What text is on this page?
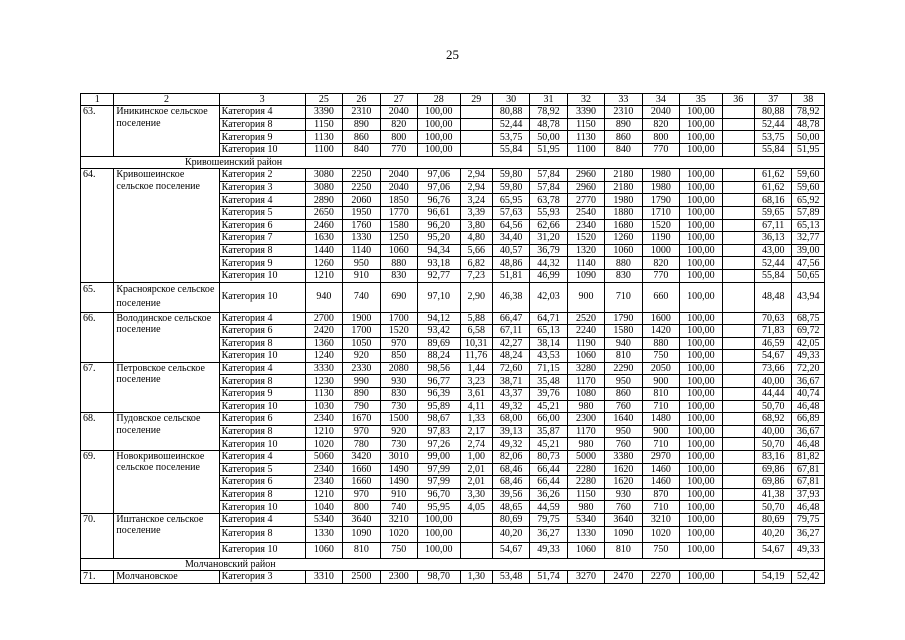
25
1	2	3	25	26	27	28	29	30	31	32	33	34	35	36	37	38
63.	Иникинское сельское поселение	Категория 4	3390	2310	2040	100,00		80,88	78,92	3390	2310	2040	100,00		80,88	78,92
		Категория 8	1150	890	820	100,00		52,44	48,78	1150	890	820	100,00		52,44	48,78
		Категория 9	1130	860	800	100,00		53,75	50,00	1130	860	800	100,00		53,75	50,00
		Категория 10	1100	840	770	100,00		55,84	51,95	1100	840	770	100,00		55,84	51,95
Кривошеинский район																
64.	Кривошеинское сельское поселение	Категория 2	3080	2250	2040	97,06	2,94	59,80	57,84	2960	2180	1980	100,00		61,62	59,60
		Категория 3	3080	2250	2040	97,06	2,94	59,80	57,84	2960	2180	1980	100,00		61,62	59,60
		Категория 4	2890	2060	1850	96,76	3,24	65,95	63,78	2770	1980	1790	100,00		68,16	65,92
		Категория 5	2650	1950	1770	96,61	3,39	57,63	55,93	2540	1880	1710	100,00		59,65	57,89
		Категория 6	2460	1760	1580	96,20	3,80	64,56	62,66	2340	1680	1520	100,00		67,11	65,13
		Категория 7	1630	1330	1250	95,20	4,80	34,40	31,20	1520	1260	1190	100,00		36,13	32,77
		Категория 8	1440	1140	1060	94,34	5,66	40,57	36,79	1320	1060	1000	100,00		43,00	39,00
		Категория 9	1260	950	880	93,18	6,82	48,86	44,32	1140	880	820	100,00		52,44	47,56
		Категория 10	1210	910	830	92,77	7,23	51,81	46,99	1090	830	770	100,00		55,84	50,65
65.	Красноярское сельское поселение	Категория 10	940	740	690	97,10	2,90	46,38	42,03	900	710	660	100,00		48,48	43,94
66.	Володинское сельское поселение	Категория 4	2700	1900	1700	94,12	5,88	66,47	64,71	2520	1790	1600	100,00		70,63	68,75
		Категория 6	2420	1700	1520	93,42	6,58	67,11	65,13	2240	1580	1420	100,00		71,83	69,72
		Категория 8	1360	1050	970	89,69	10,31	42,27	38,14	1190	940	880	100,00		46,59	42,05
		Категория 10	1240	920	850	88,24	11,76	48,24	43,53	1060	810	750	100,00		54,67	49,33
67.	Петровское сельское поселение	Категория 4	3330	2330	2080	98,56	1,44	72,60	71,15	3280	2290	2050	100,00		73,66	72,20
		Категория 8	1230	990	930	96,77	3,23	38,71	35,48	1170	950	900	100,00		40,00	36,67
		Категория 9	1130	890	830	96,39	3,61	43,37	39,76	1080	860	810	100,00		44,44	40,74
		Категория 10	1030	790	730	95,89	4,11	49,32	45,21	980	760	710	100,00		50,70	46,48
68.	Пудовское сельское поселение	Категория 6	2340	1670	1500	98,67	1,33	68,00	66,00	2300	1640	1480	100,00		68,92	66,89
		Категория 8	1210	970	920	97,83	2,17	39,13	35,87	1170	950	900	100,00		40,00	36,67
		Категория 10	1020	780	730	97,26	2,74	49,32	45,21	980	760	710	100,00		50,70	46,48
69.	Новокривошеинское сельское поселение	Категория 4	5060	3420	3010	99,00	1,00	82,06	80,73	5000	3380	2970	100,00		83,16	81,82
		Категория 5	2340	1660	1490	97,99	2,01	68,46	66,44	2280	1620	1460	100,00		69,86	67,81
		Категория 6	2340	1660	1490	97,99	2,01	68,46	66,44	2280	1620	1460	100,00		69,86	67,81
		Категория 8	1210	970	910	96,70	3,30	39,56	36,26	1150	930	870	100,00		41,38	37,93
		Категория 10	1040	800	740	95,95	4,05	48,65	44,59	980	760	710	100,00		50,70	46,48
70.	Иштанское сельское поселение	Категория 4	5340	3640	3210	100,00		80,69	79,75	5340	3640	3210	100,00		80,69	79,75
		Категория 8	1330	1090	1020	100,00		40,20	36,27	1330	1090	1020	100,00		40,20	36,27
		Категория 10	1060	810	750	100,00		54,67	49,33	1060	810	750	100,00		54,67	49,33
Молчановский район																
71.	Молчановское	Категория 3	3310	2500	2300	98,70	1,30	53,48	51,74	3270	2470	2270	100,00		54,19	52,42
